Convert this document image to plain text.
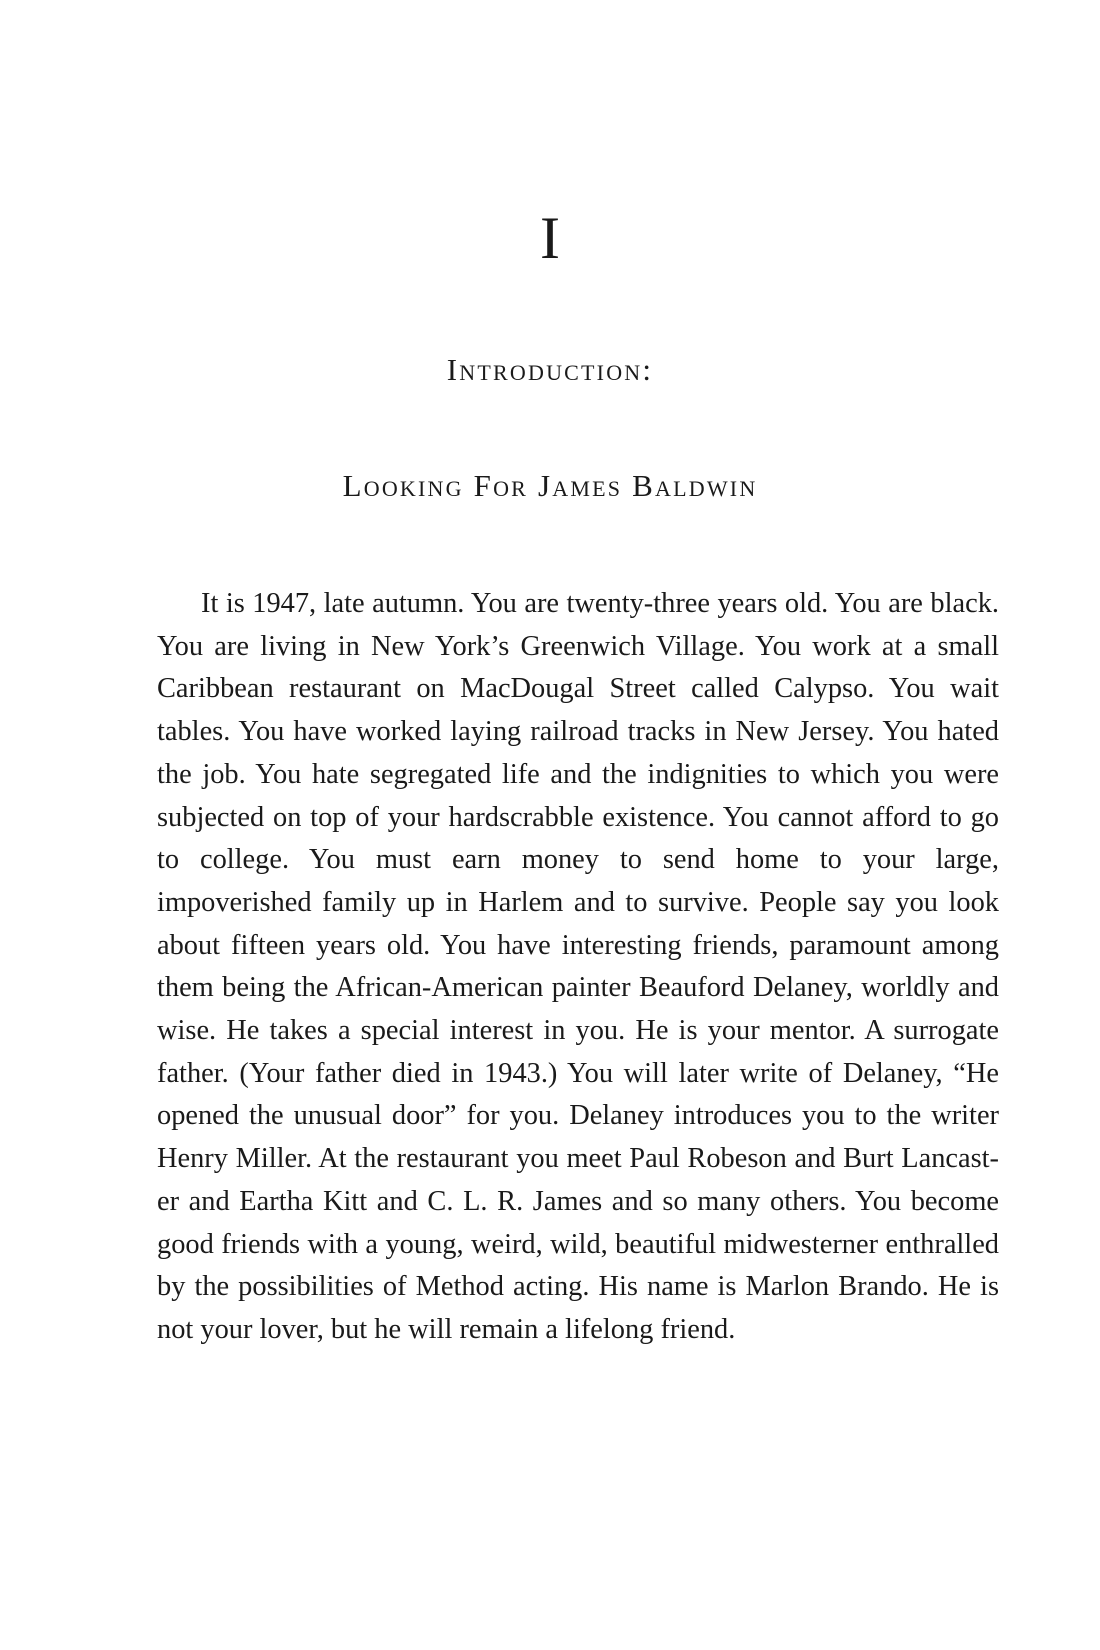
I
Introduction:
Looking For James Baldwin

It is 1947, late autumn. You are twenty-three years old. You are black. You are living in New York’s Greenwich Village. You work at a small Caribbean restaurant on MacDougal Street called Calypso. You wait tables. You have worked laying railroad tracks in New Jersey. You hated the job. You hate segregated life and the indignities to which you were subjected on top of your hardscrabble existence. You cannot afford to go to college. You must earn money to send home to your large, impoverished family up in Harlem and to survive. People say you look about fifteen years old. You have interesting friends, paramount among them being the African-American painter Beauford Delaney, worldly and wise. He takes a special interest in you. He is your mentor. A surrogate father. (Your father died in 1943.) You will later write of Delaney, “He opened the unusual door” for you. Delaney introduces you to the writer Henry Miller. At the restaurant you meet Paul Robeson and Burt Lancaster and Eartha Kitt and C. L. R. James and so many others. You become good friends with a young, weird, wild, beautiful midwesterner enthralled by the possibilities of Method acting. His name is Marlon Brando. He is not your lover, but he will remain a lifelong friend.
